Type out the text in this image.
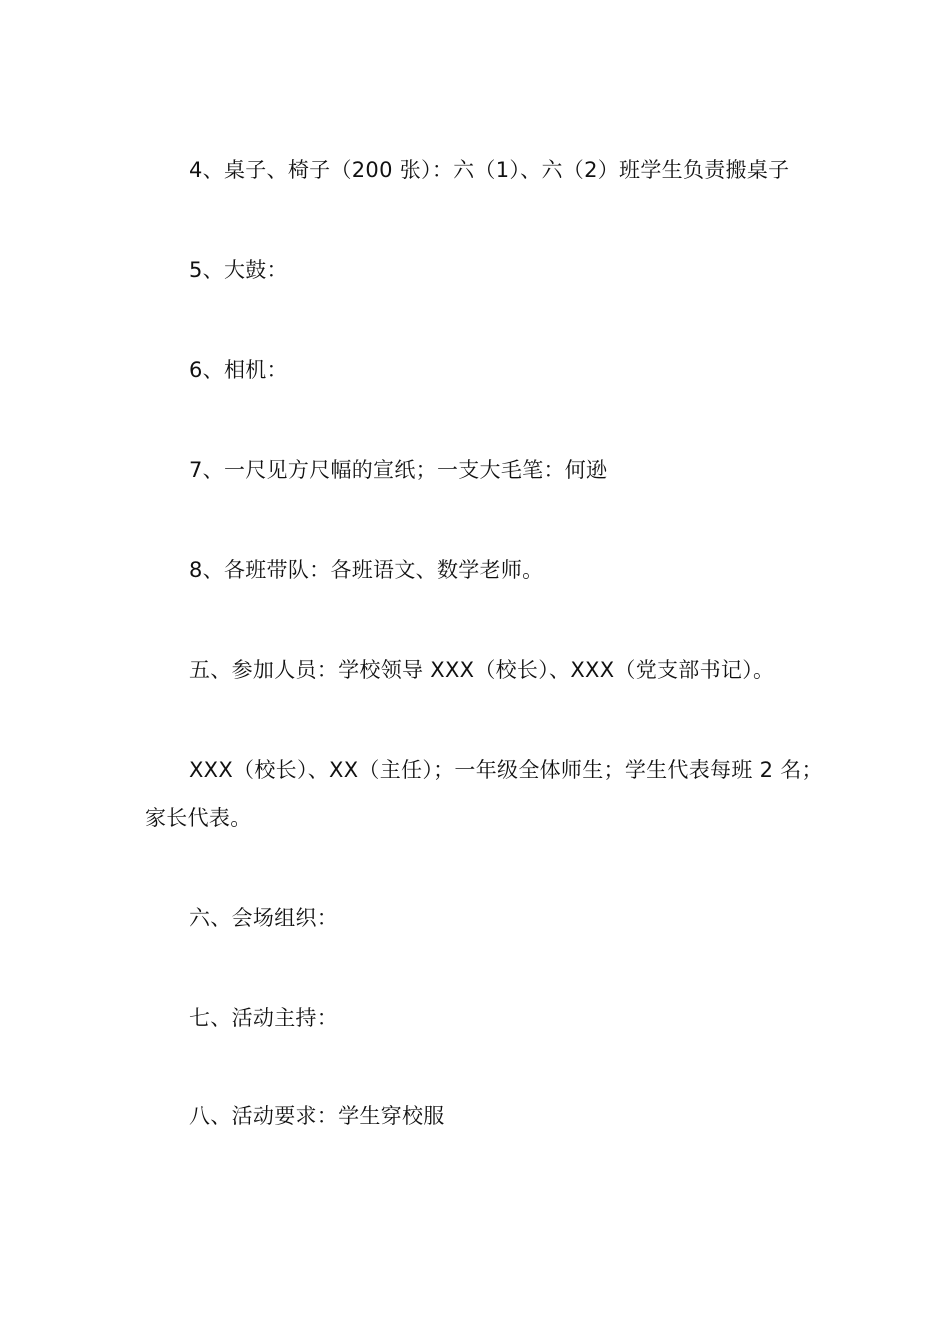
4、桌子、椅子（200 张）：六（1）、六（2）班学生负责搬桌子
5、大鼓：
6、相机：
7、一尺见方尺幅的宣纸；一支大毛笔：何逊
8、各班带队：各班语文、数学老师。
五、参加人员：学校领导 XXX（校长）、XXX（党支部书记）。
XXX（校长）、XX（主任）；一年级全体师生；学生代表每班 2 名；
家长代表。
六、会场组织：
七、活动主持：
八、活动要求：学生穿校服
